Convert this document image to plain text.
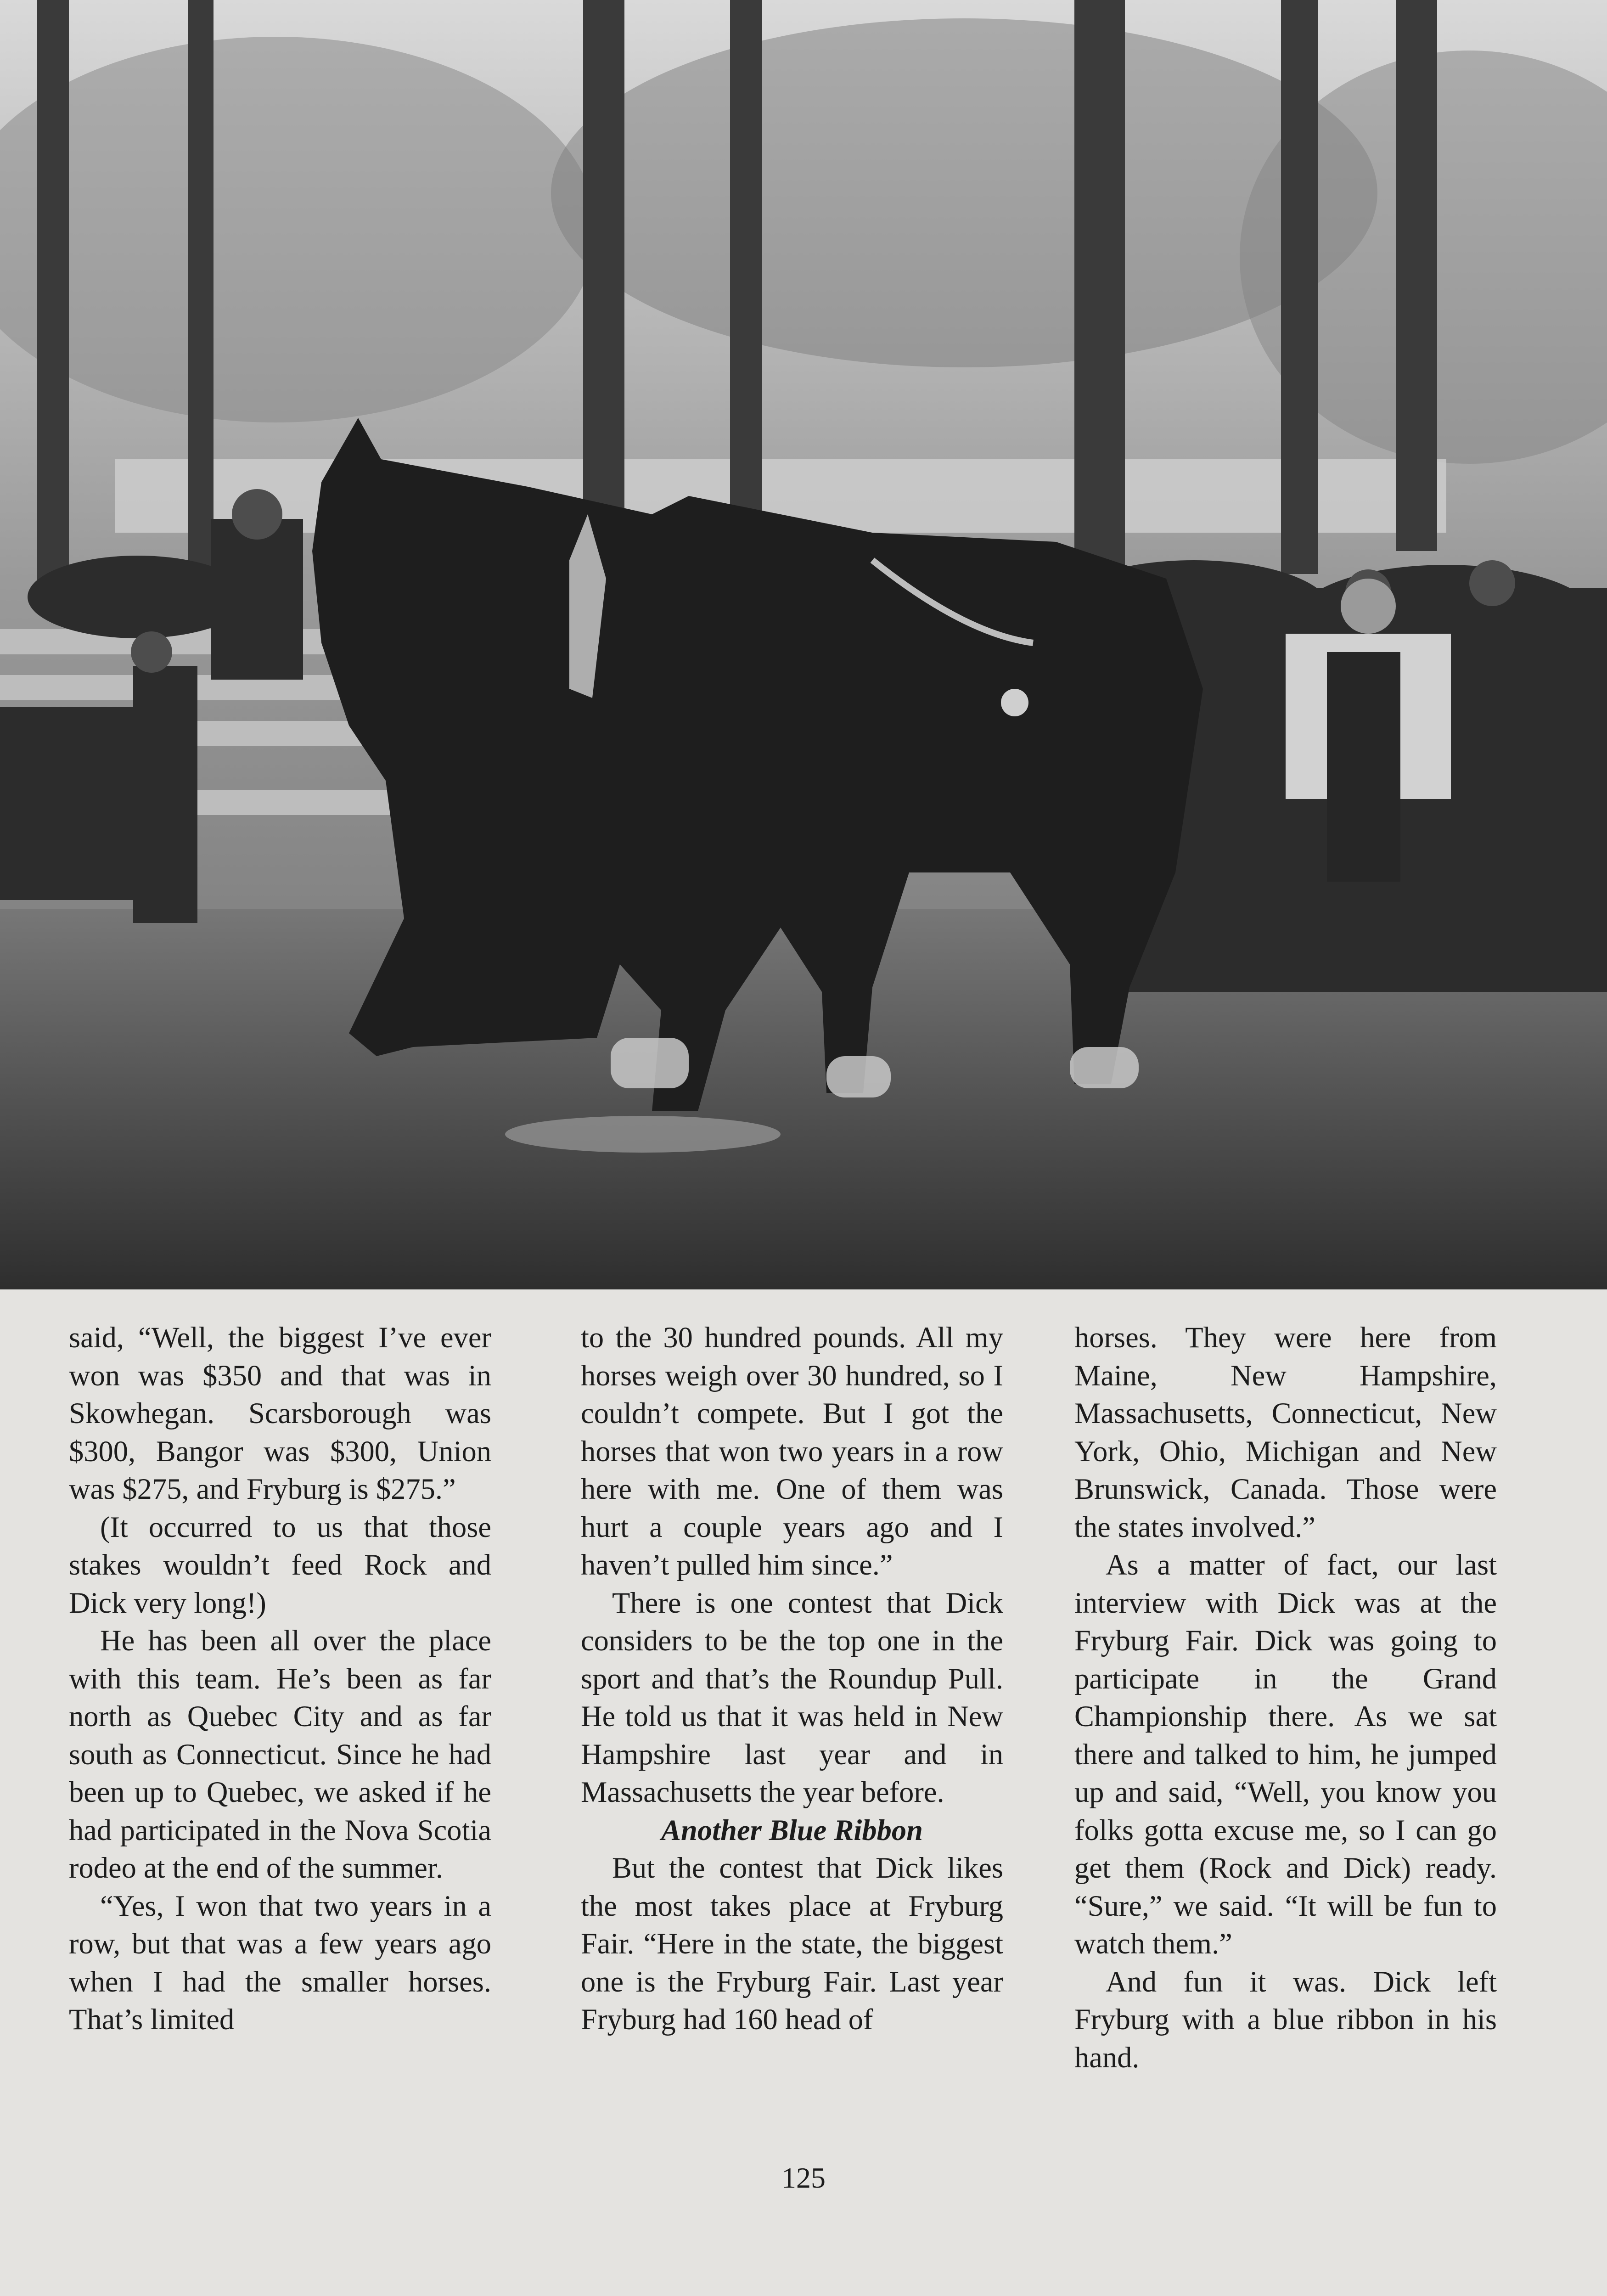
said, “Well, the biggest I’ve ever won was $350 and that was in Skowhegan. Scarsborough was $300, Bangor was $300, Union was $275, and Fryburg is $275.”

(It occurred to us that those stakes wouldn’t feed Rock and Dick very long!)

He has been all over the place with this team. He’s been as far north as Quebec City and as far south as Connecticut. Since he had been up to Quebec, we asked if he had participated in the Nova Scotia rodeo at the end of the summer.

“Yes, I won that two years in a row, but that was a few years ago when I had the smaller horses. That’s limited

to the 30 hundred pounds. All my horses weigh over 30 hundred, so I couldn’t compete. But I got the horses that won two years in a row here with me. One of them was hurt a couple years ago and I haven’t pulled him since.”

There is one contest that Dick considers to be the top one in the sport and that’s the Roundup Pull. He told us that it was held in New Hampshire last year and in Massachusetts the year before.

Another Blue Ribbon

But the contest that Dick likes the most takes place at Fryburg Fair. “Here in the state, the biggest one is the Fryburg Fair. Last year Fryburg had 160 head of

horses. They were here from Maine, New Hampshire, Massachusetts, Connecticut, New York, Ohio, Michigan and New Brunswick, Canada. Those were the states involved.”

As a matter of fact, our last interview with Dick was at the Fryburg Fair. Dick was going to participate in the Grand Championship there. As we sat there and talked to him, he jumped up and said, “Well, you know you folks gotta excuse me, so I can go get them (Rock and Dick) ready. “Sure,” we said. “It will be fun to watch them.”

And fun it was. Dick left Fryburg with a blue ribbon in his hand.

125
